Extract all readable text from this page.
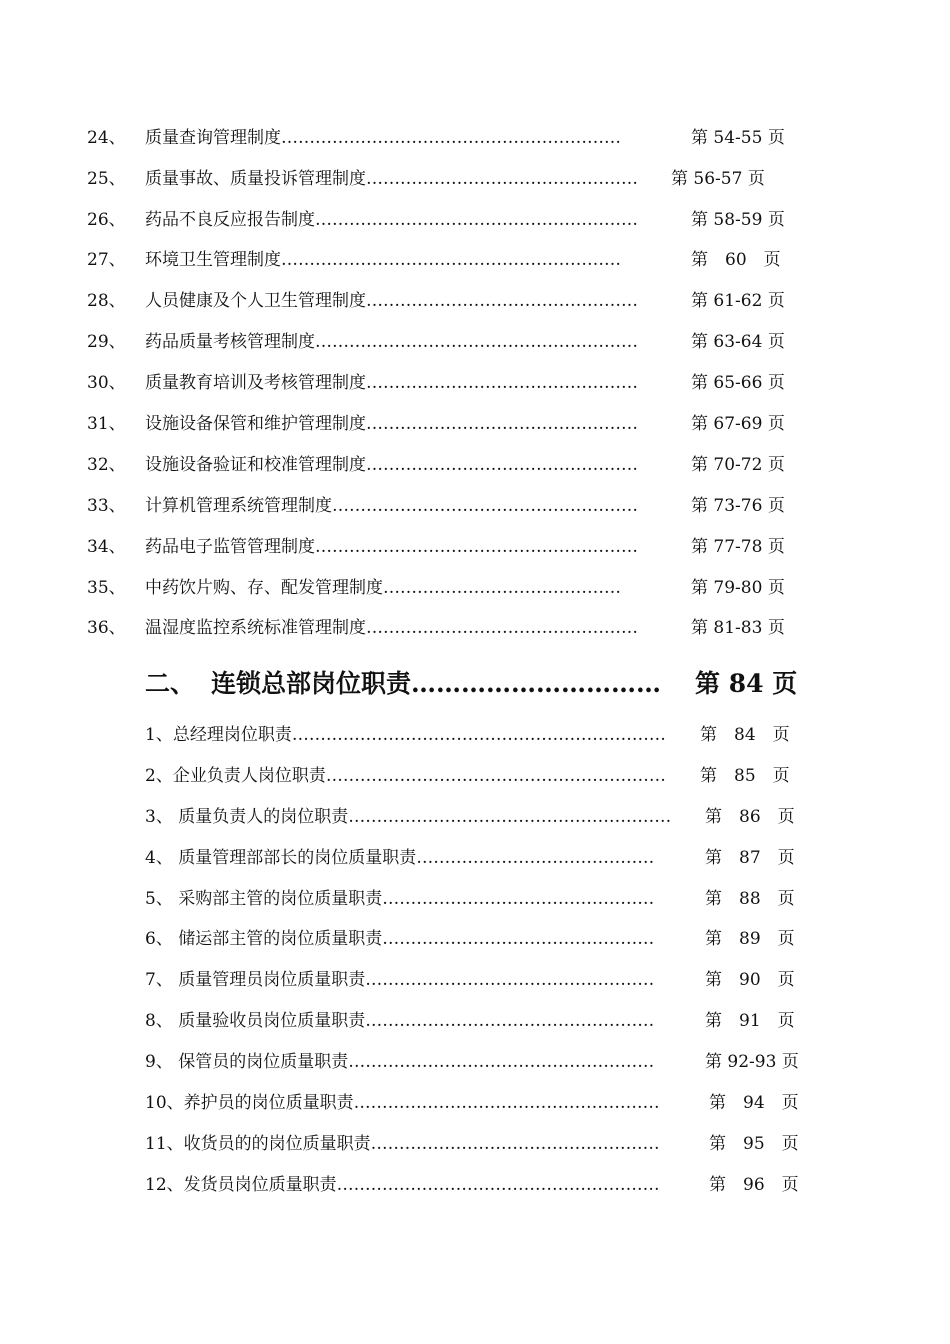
24、 质量查询管理制度……………………………………………………	第 54-55 页
25、 质量事故、质量投诉管理制度………………………………………… 第 56-57 页
26、 药品不良反应报告制度…………………………………………………	第 58-59 页
27、 环境卫生管理制度……………………………………………………	第　60　页
28、 人员健康及个人卫生管理制度…………………………………………	第 61-62 页
29、 药品质量考核管理制度…………………………………………………	第 63-64 页
30、 质量教育培训及考核管理制度…………………………………………	第 65-66 页
31、 设施设备保管和维护管理制度…………………………………………	第 67-69 页
32、 设施设备验证和校准管理制度…………………………………………	第 70-72 页
33、 计算机管理系统管理制度………………………………………………	第 73-76 页
34、 药品电子监管管理制度…………………………………………………	第 77-78 页
35、 中药饮片购、存、配发管理制度……………………………………	第 79-80 页
36、 温湿度监控系统标准管理制度…………………………………………	第 81-83 页
二、 连锁总部岗位职责………………………… 第 84 页
1、总经理岗位职责………………………………………………………… 第　84　页
2、企业负责人岗位职责…………………………………………………… 第　85　页
3、 质量负责人的岗位职责………………………………………………… 第　86　页
4、 质量管理部部长的岗位质量职责……………………………………	第　87　页
5、 采购部主管的岗位质量职责…………………………………………	第　88　页
6、 储运部主管的岗位质量职责…………………………………………	第　89　页
7、 质量管理员岗位质量职责……………………………………………	第　90　页
8、 质量验收员岗位质量职责……………………………………………	第　91　页
9、 保管员的岗位质量职责………………………………………………	第 92-93 页
10、养护员的岗位质量职责………………………………………………	第　94　页
11、收货员的的岗位质量职责……………………………………………	第　95　页
12、发货员岗位质量职责…………………………………………………	第　96　页
